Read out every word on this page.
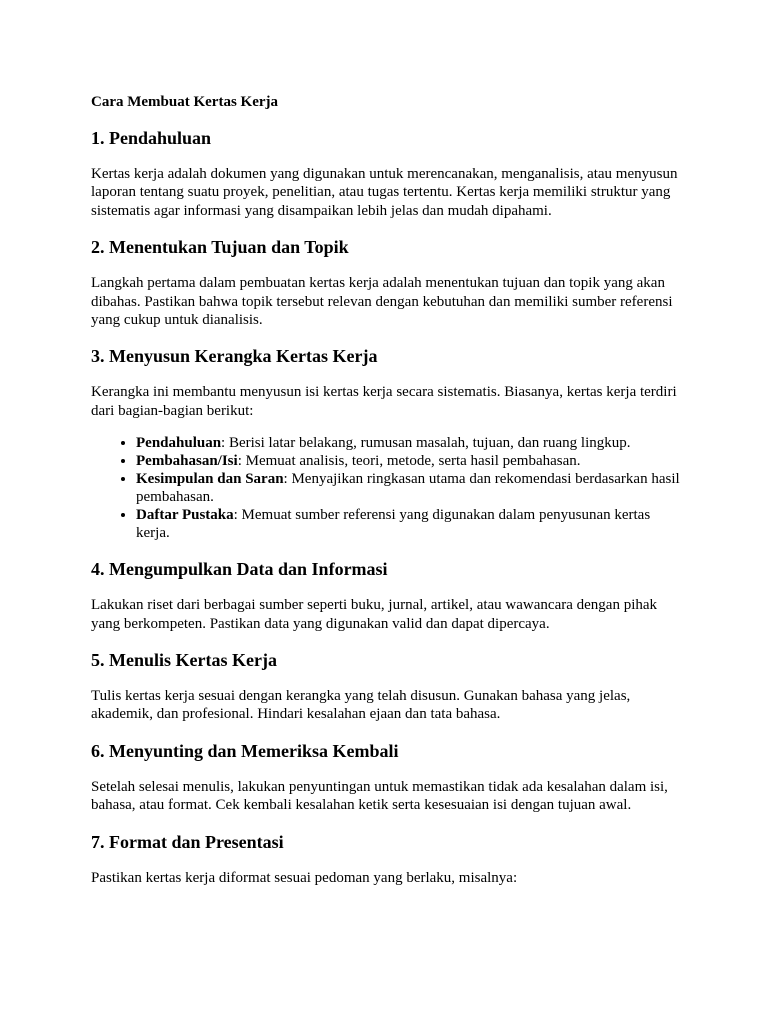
Cara Membuat Kertas Kerja
1. Pendahuluan

Kertas kerja adalah dokumen yang digunakan untuk merencanakan, menganalisis, atau menyusun laporan tentang suatu proyek, penelitian, atau tugas tertentu. Kertas kerja memiliki struktur yang sistematis agar informasi yang disampaikan lebih jelas dan mudah dipahami.

2. Menentukan Tujuan dan Topik

Langkah pertama dalam pembuatan kertas kerja adalah menentukan tujuan dan topik yang akan dibahas. Pastikan bahwa topik tersebut relevan dengan kebutuhan dan memiliki sumber referensi yang cukup untuk dianalisis.

3. Menyusun Kerangka Kertas Kerja

Kerangka ini membantu menyusun isi kertas kerja secara sistematis. Biasanya, kertas kerja terdiri dari bagian-bagian berikut:

• Pendahuluan: Berisi latar belakang, rumusan masalah, tujuan, dan ruang lingkup.
• Pembahasan/Isi: Memuat analisis, teori, metode, serta hasil pembahasan.
• Kesimpulan dan Saran: Menyajikan ringkasan utama dan rekomendasi berdasarkan hasil pembahasan.
• Daftar Pustaka: Memuat sumber referensi yang digunakan dalam penyusunan kertas kerja.
4. Mengumpulkan Data dan Informasi

Lakukan riset dari berbagai sumber seperti buku, jurnal, artikel, atau wawancara dengan pihak yang berkompeten. Pastikan data yang digunakan valid dan dapat dipercaya.

5. Menulis Kertas Kerja

Tulis kertas kerja sesuai dengan kerangka yang telah disusun. Gunakan bahasa yang jelas, akademik, dan profesional. Hindari kesalahan ejaan dan tata bahasa.

6. Menyunting dan Memeriksa Kembali

Setelah selesai menulis, lakukan penyuntingan untuk memastikan tidak ada kesalahan dalam isi, bahasa, atau format. Cek kembali kesalahan ketik serta kesesuaian isi dengan tujuan awal.

7. Format dan Presentasi

Pastikan kertas kerja diformat sesuai pedoman yang berlaku, misalnya:
